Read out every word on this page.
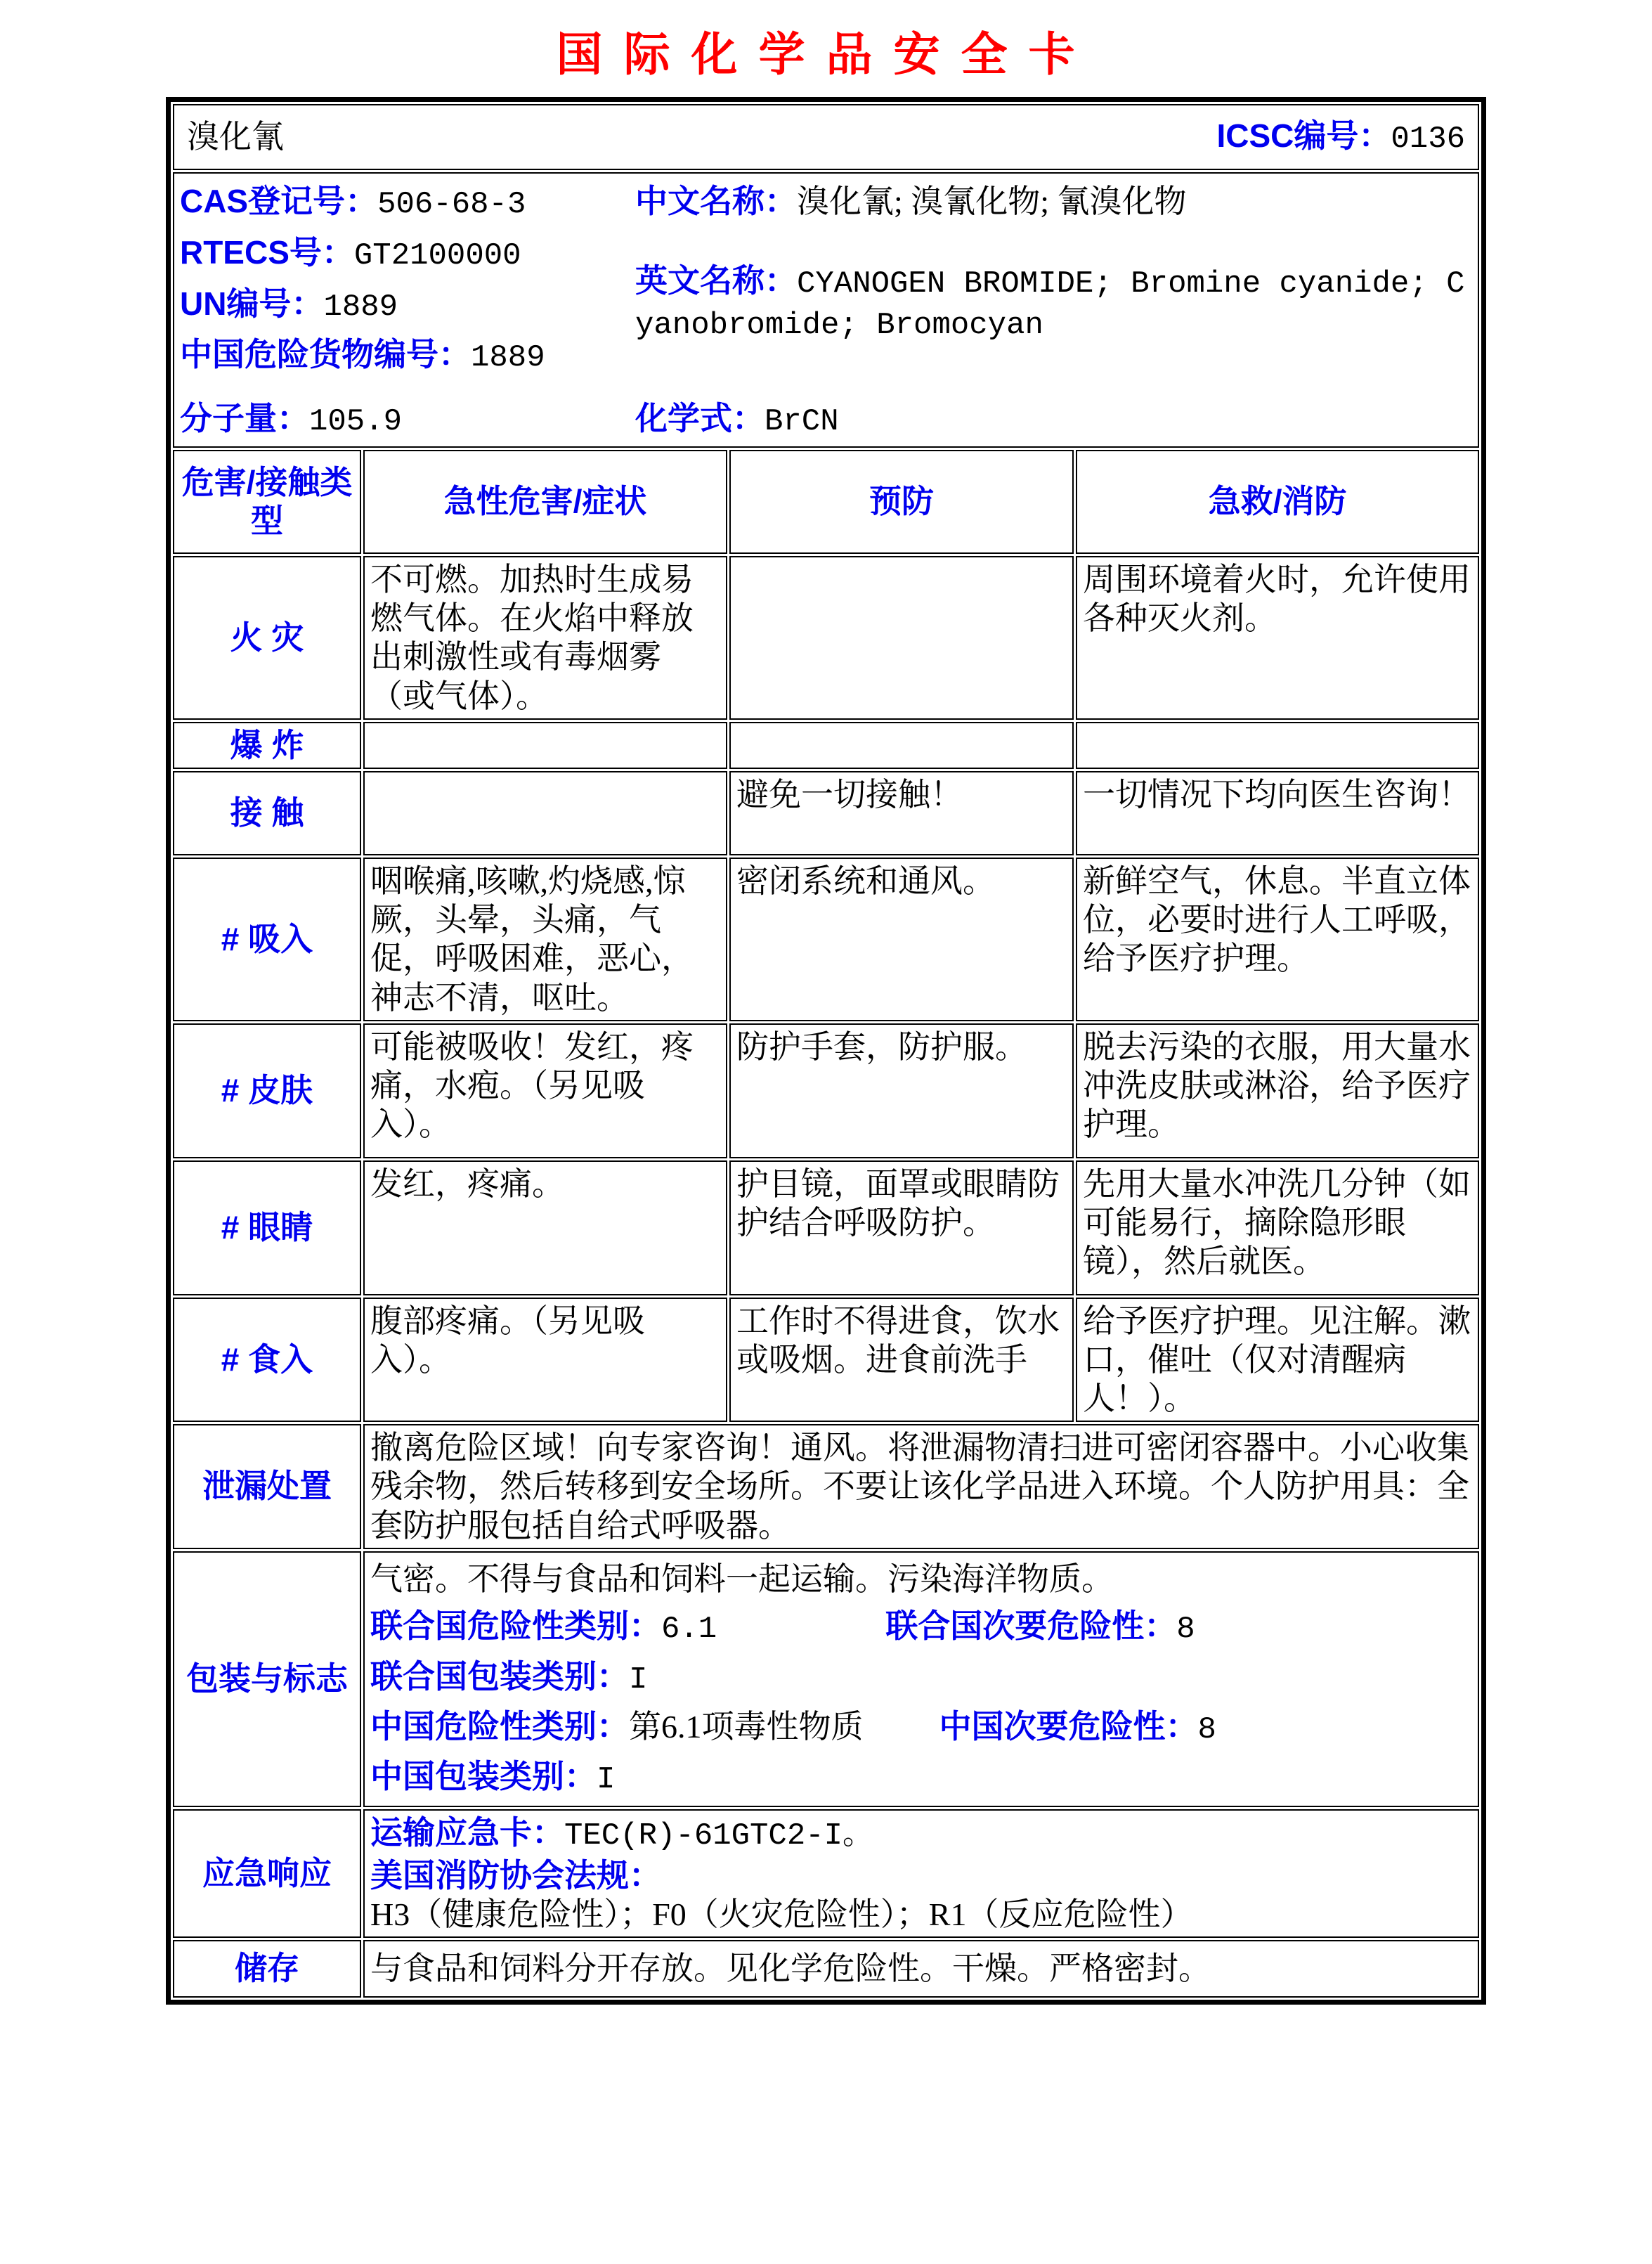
国际化学品安全卡
溴化氰 ICSC编号：0136			

CAS登记号：506-68-3
RTECS号：GT2100000
UN编号：1889
中国危险货物编号：1889
分子量：105.9
中文名称：溴化氰; 溴氰化物; 氰溴化物
英文名称：CYANOGEN BROMIDE; Bromine cyanide; Cyanobromide; Bromocyan
化学式：BrCN

危害/接触类型	急性危害/症状	预防	急救/消防
火 灾	不可燃。加热时生成易燃气体。在火焰中释放出刺激性或有毒烟雾（或气体）。		周围环境着火时，允许使用各种灭火剂。
爆 炸			
接 触		避免一切接触！	一切情况下均向医生咨询！
# 吸入	咽喉痛,咳嗽,灼烧感,惊厥，头晕，头痛，气促，呼吸困难，恶心，神志不清，呕吐。	密闭系统和通风。	新鲜空气，休息。半直立体位，必要时进行人工呼吸，给予医疗护理。
# 皮肤	可能被吸收！发红，疼痛，水疱。（另见吸入）。	防护手套，防护服。	脱去污染的衣服，用大量水冲洗皮肤或淋浴，给予医疗护理。
# 眼睛	发红，疼痛。	护目镜，面罩或眼睛防护结合呼吸防护。	先用大量水冲洗几分钟（如可能易行，摘除隐形眼镜），然后就医。
# 食入	腹部疼痛。（另见吸入）。	工作时不得进食，饮水或吸烟。进食前洗手	给予医疗护理。见注解。漱口，催吐（仅对清醒病人！）。
泄漏处置	撤离危险区域！向专家咨询！通风。将泄漏物清扫进可密闭容器中。小心收集残余物，然后转移到安全场所。不要让该化学品进入环境。个人防护用具：全套防护服包括自给式呼吸器。		
包装与标志	气密。不得与食品和饲料一起运输。污染海洋物质。
联合国危险性类别：6.1 联合国次要危险性：8
联合国包装类别：I
中国危险性类别：第6.1项毒性物质 中国次要危险性：8
中国包装类别：I		

应急响应	运输应急卡：TEC(R)-61GTC2-I。
美国消防协会法规：H3（健康危险性）；F0（火灾危险性）；R1（反应危险性）		

储存	与食品和饲料分开存放。见化学危险性。干燥。严格密封。		
